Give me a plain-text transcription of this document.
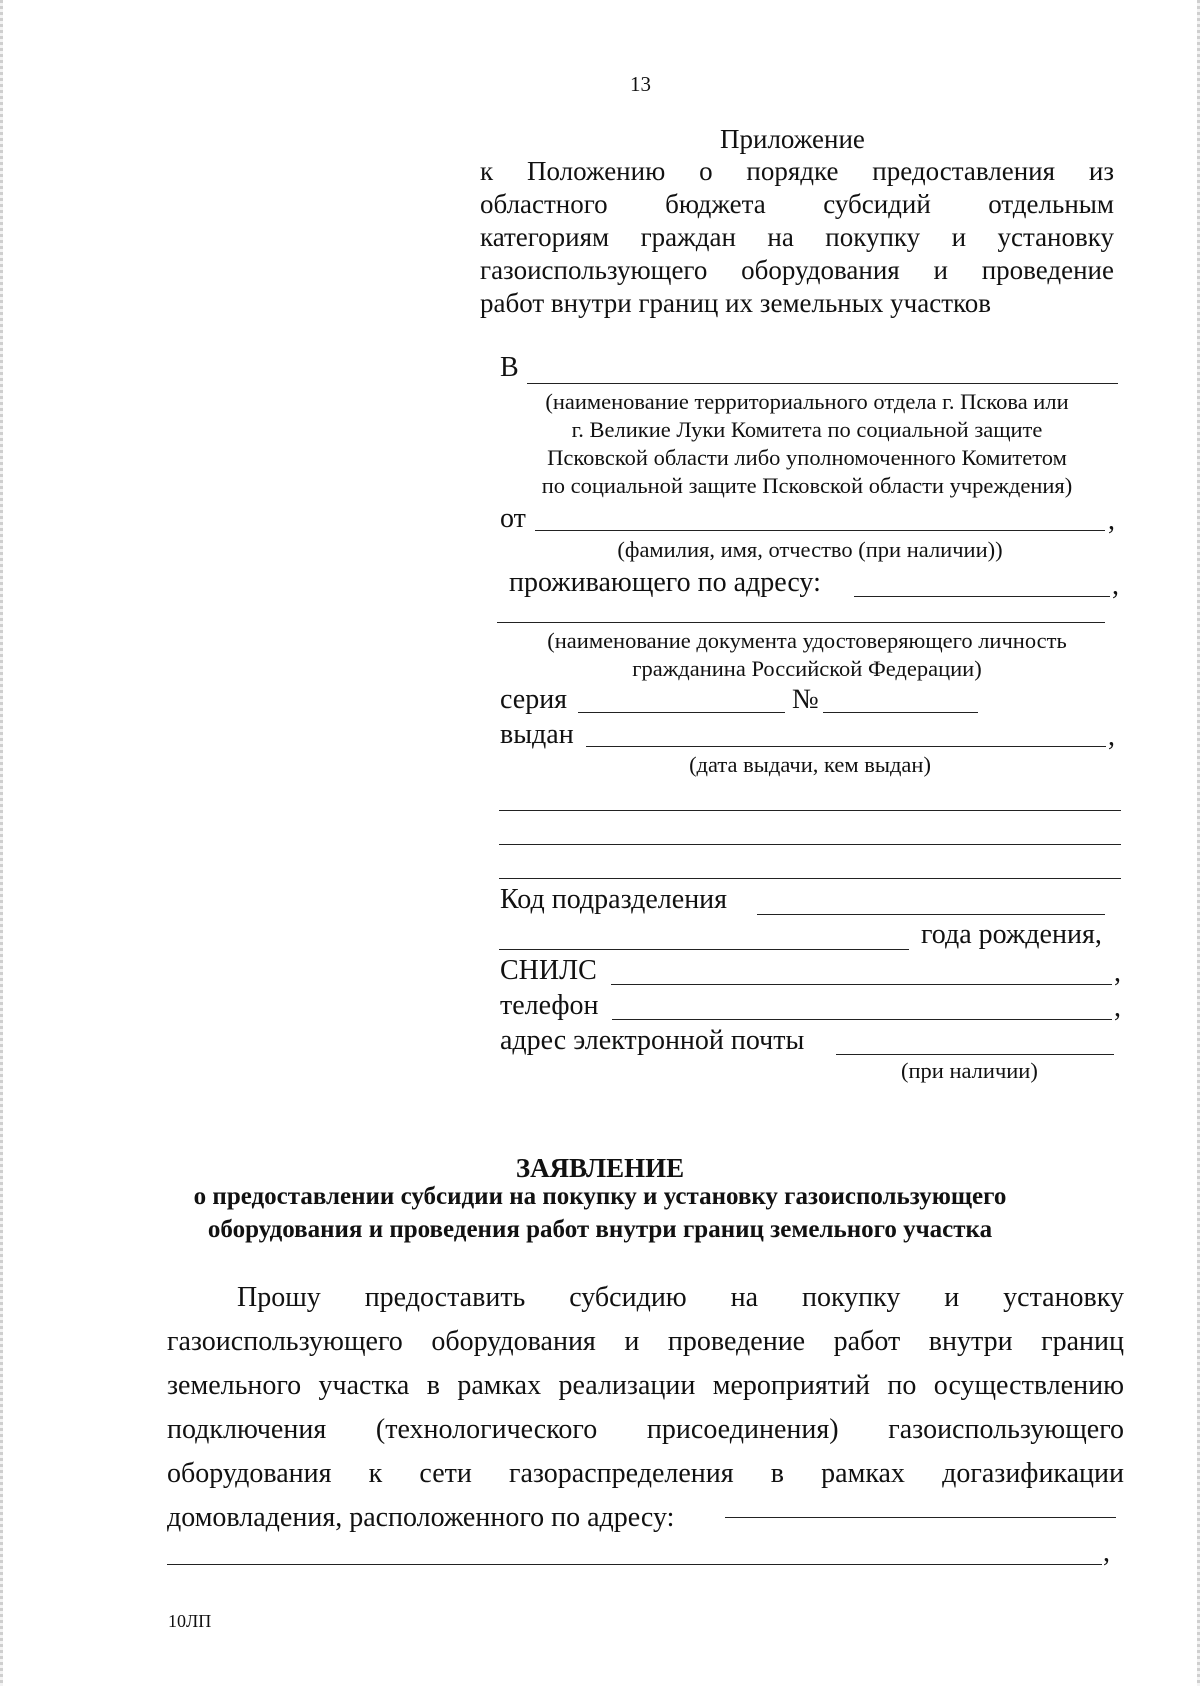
13
Приложение
к Положению о порядке предоставления из
областного бюджета субсидий отдельным
категориям граждан на покупку и установку
газоиспользующего оборудования и проведение
работ внутри границ их земельных участков
В
(наименование территориального отдела г. Пскова или
г. Великие Луки Комитета по социальной защите
Псковской области либо уполномоченного Комитетом
по социальной защите Псковской области учреждения)
от	,
(фамилия, имя, отчество (при наличии))
проживающего по адресу:	,
(наименование документа удостоверяющего личность
гражданина Российской Федерации)
серия	№
выдан	,
(дата выдачи, кем выдан)
Код подразделения
года рождения,
СНИЛС	,
телефон	,
адрес электронной почты
(при наличии)
ЗАЯВЛЕНИЕ
о предоставлении субсидии на покупку и установку газоиспользующего
оборудования и проведения работ внутри границ земельного участка
Прошу предоставить субсидию на покупку и установку
газоиспользующего оборудования и проведение работ внутри границ
земельного участка в рамках реализации мероприятий по осуществлению
подключения (технологического присоединения) газоиспользующего
оборудования к сети газораспределения в рамках догазификации
домовладения, расположенного по адресу:
,
10ЛП
